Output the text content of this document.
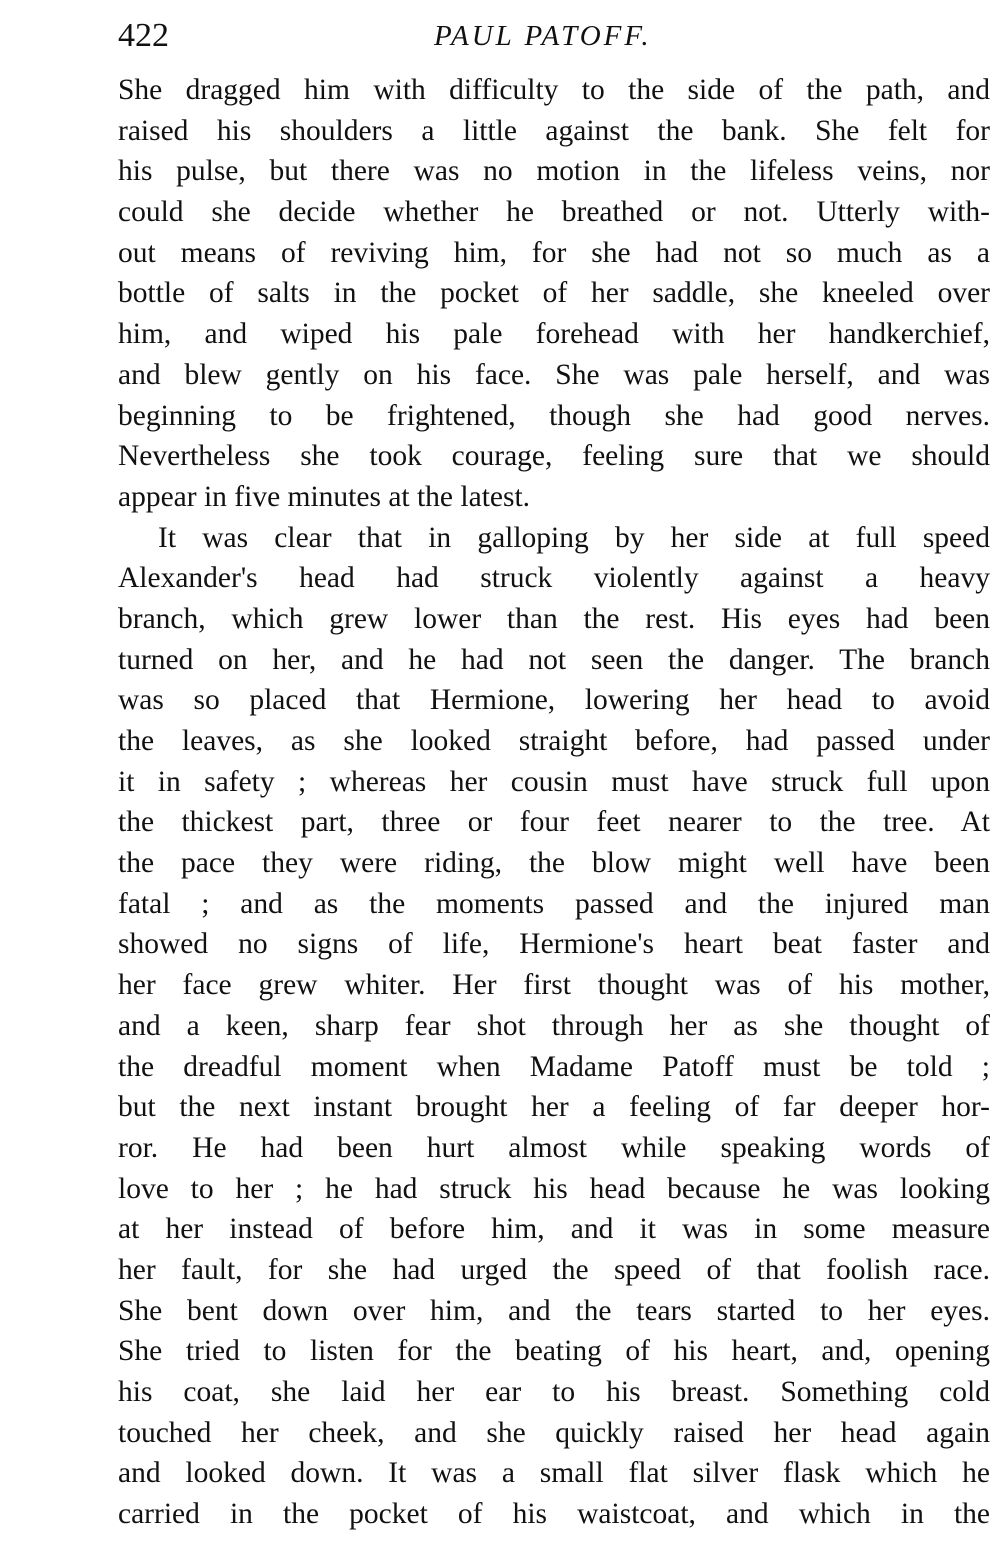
422	PAUL PATOFF.
She dragged him with difficulty to the side of the path, and
raised his shoulders a little against the bank. She felt for
his pulse, but there was no motion in the lifeless veins, nor
could she decide whether he breathed or not. Utterly with-
out means of reviving him, for she had not so much as a
bottle of salts in the pocket of her saddle, she kneeled over
him, and wiped his pale forehead with her handkerchief,
and blew gently on his face. She was pale herself, and was
beginning to be frightened, though she had good nerves.
Nevertheless she took courage, feeling sure that we should
appear in five minutes at the latest.
It was clear that in galloping by her side at full speed
Alexander's head had struck violently against a heavy
branch, which grew lower than the rest. His eyes had been
turned on her, and he had not seen the danger. The branch
was so placed that Hermione, lowering her head to avoid
the leaves, as she looked straight before, had passed under
it in safety ; whereas her cousin must have struck full upon
the thickest part, three or four feet nearer to the tree. At
the pace they were riding, the blow might well have been
fatal ; and as the moments passed and the injured man
showed no signs of life, Hermione's heart beat faster and
her face grew whiter. Her first thought was of his mother,
and a keen, sharp fear shot through her as she thought of
the dreadful moment when Madame Patoff must be told ;
but the next instant brought her a feeling of far deeper hor-
ror. He had been hurt almost while speaking words of
love to her ; he had struck his head because he was looking
at her instead of before him, and it was in some measure
her fault, for she had urged the speed of that foolish race.
She bent down over him, and the tears started to her eyes.
She tried to listen for the beating of his heart, and, opening
his coat, she laid her ear to his breast. Something cold
touched her cheek, and she quickly raised her head again
and looked down. It was a small flat silver flask which he
carried in the pocket of his waistcoat, and which in the
